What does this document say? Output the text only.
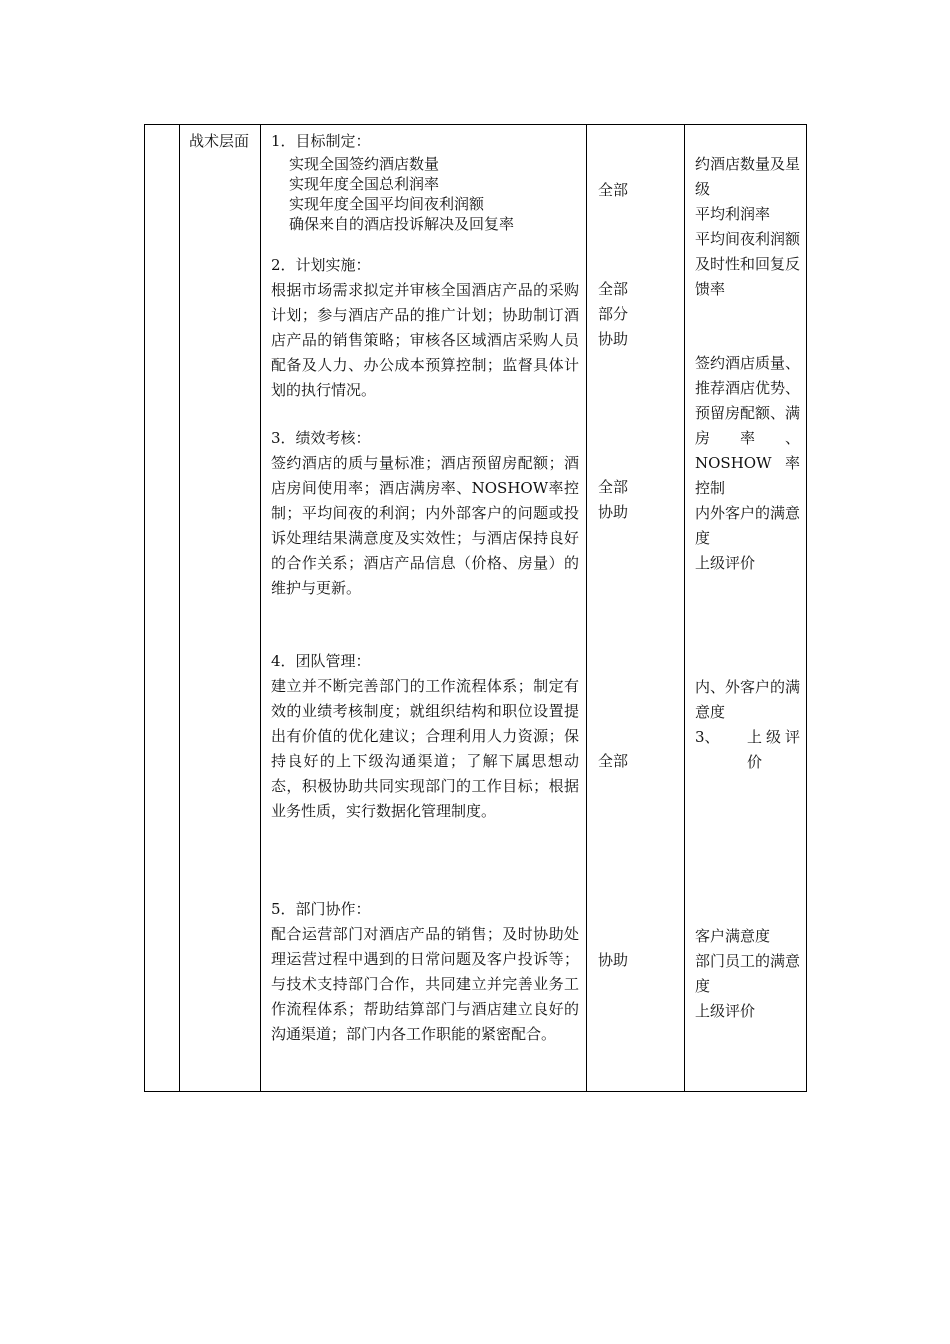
战术层面 1．目标制定：

实现全国签约酒店数量
实现年度全国总利润率
实现年度全国平均间夜利润额
确保来自的酒店投诉解决及回复率

2．计划实施：

根据市场需求拟定并审核全国酒店产品的采购计划；参与酒店产品的推广计划；协助制订酒店产品的销售策略；审核各区域酒店采购人员配备及人力、办公成本预算控制；监督具体计划的执行情况。

3．绩效考核：

签约酒店的质与量标准；酒店预留房配额；酒店房间使用率；酒店满房率、NOSHOW率控制；平均间夜的利润；内外部客户的问题或投诉处理结果满意度及实效性；与酒店保持良好的合作关系；酒店产品信息（价格、房量）的维护与更新。

4．团队管理：

建立并不断完善部门的工作流程体系；制定有效的业绩考核制度；就组织结构和职位设置提出有价值的优化建议；合理利用人力资源；保持良好的上下级沟通渠道；了解下属思想动态，积极协助共同实现部门的工作目标；根据业务性质，实行数据化管理制度。

5．部门协作：

配合运营部门对酒店产品的销售；及时协助处理运营过程中遇到的日常问题及客户投诉等；与技术支持部门合作，共同建立并完善业务工作流程体系；帮助结算部门与酒店建立良好的沟通渠道；部门内各工作职能的紧密配合。

全部
全部
部分
协助
全部
协助
全部
协助
约酒店数量及星级
平均利润率
平均间夜利润额
及时性和回复反馈率
签约酒店质量、推荐酒店优势、预留房配额、满房率、NOSHOW率控制
内外客户的满意度
上级评价
内、外客户的满意度
3、	上级评价
客户满意度
部门员工的满意度
上级评价
